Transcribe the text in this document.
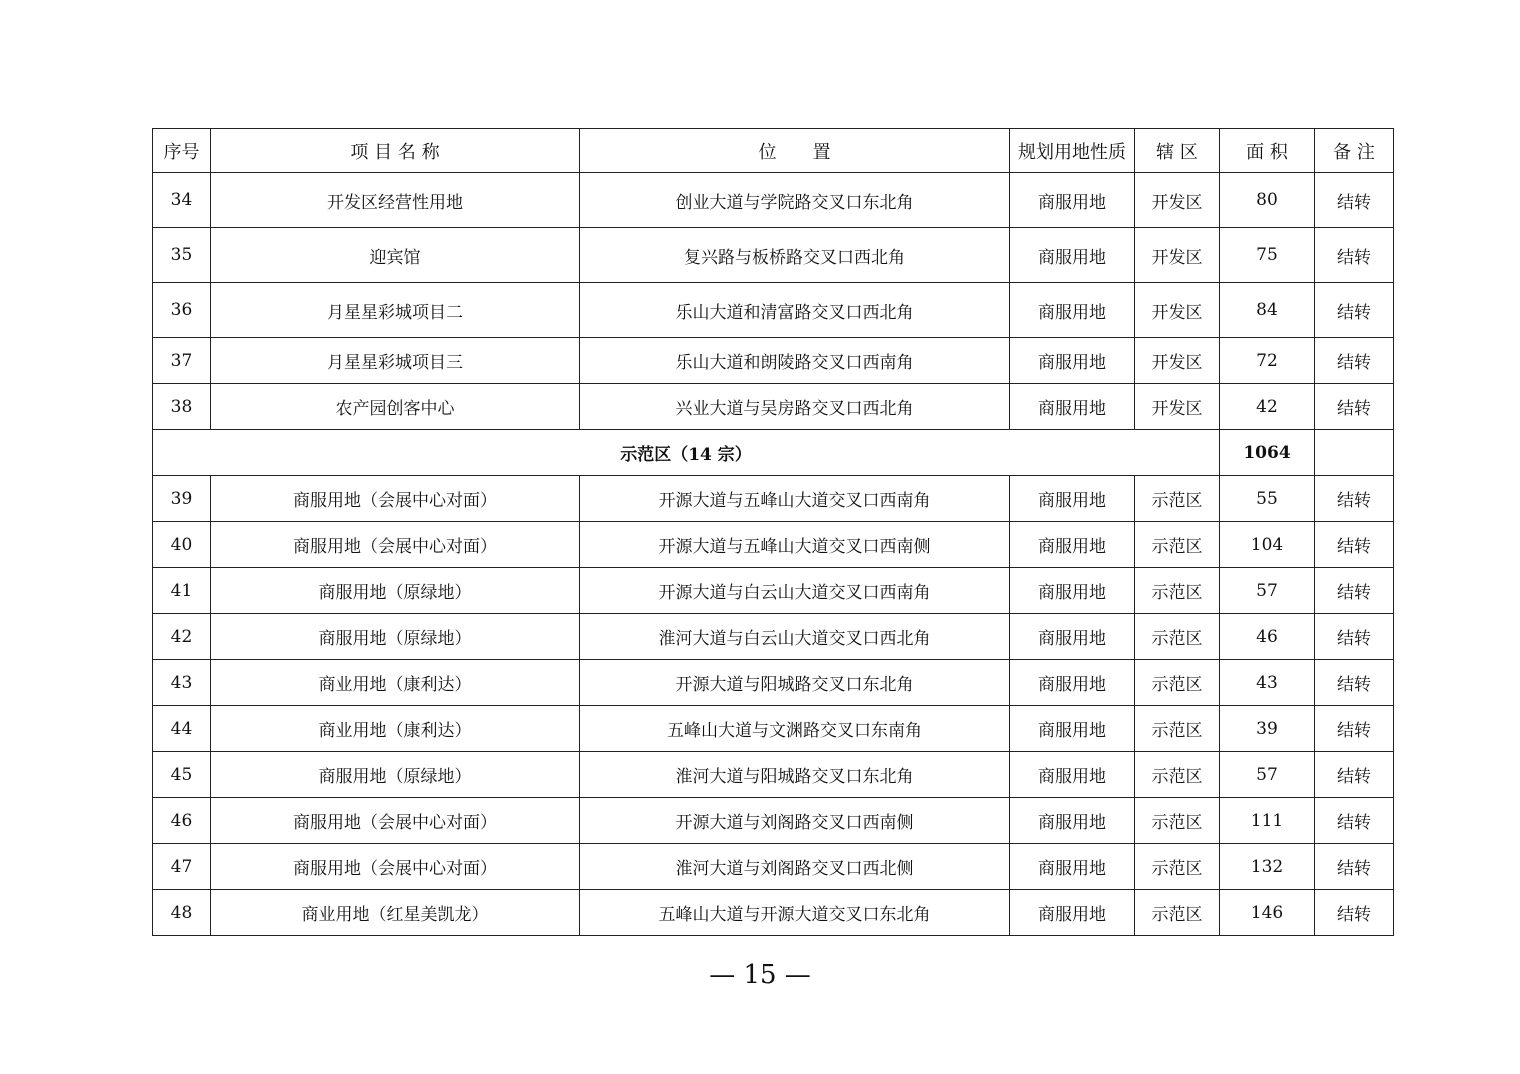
序号	项 目 名 称	位　　置	规划用地性质	辖 区	面 积	备 注
34	开发区经营性用地	创业大道与学院路交叉口东北角	商服用地	开发区	80	结转
35	迎宾馆	复兴路与板桥路交叉口西北角	商服用地	开发区	75	结转
36	月星星彩城项目二	乐山大道和清富路交叉口西北角	商服用地	开发区	84	结转
37	月星星彩城项目三	乐山大道和朗陵路交叉口西南角	商服用地	开发区	72	结转
38	农产园创客中心	兴业大道与吴房路交叉口西北角	商服用地	开发区	42	结转
示范区（14 宗）					1064	
39	商服用地（会展中心对面）	开源大道与五峰山大道交叉口西南角	商服用地	示范区	55	结转
40	商服用地（会展中心对面）	开源大道与五峰山大道交叉口西南侧	商服用地	示范区	104	结转
41	商服用地（原绿地）	开源大道与白云山大道交叉口西南角	商服用地	示范区	57	结转
42	商服用地（原绿地）	淮河大道与白云山大道交叉口西北角	商服用地	示范区	46	结转
43	商业用地（康利达）	开源大道与阳城路交叉口东北角	商服用地	示范区	43	结转
44	商业用地（康利达）	五峰山大道与文渊路交叉口东南角	商服用地	示范区	39	结转
45	商服用地（原绿地）	淮河大道与阳城路交叉口东北角	商服用地	示范区	57	结转
46	商服用地（会展中心对面）	开源大道与刘阁路交叉口西南侧	商服用地	示范区	111	结转
47	商服用地（会展中心对面）	淮河大道与刘阁路交叉口西北侧	商服用地	示范区	132	结转
48	商业用地（红星美凯龙）	五峰山大道与开源大道交叉口东北角	商服用地	示范区	146	结转
— 15 —
